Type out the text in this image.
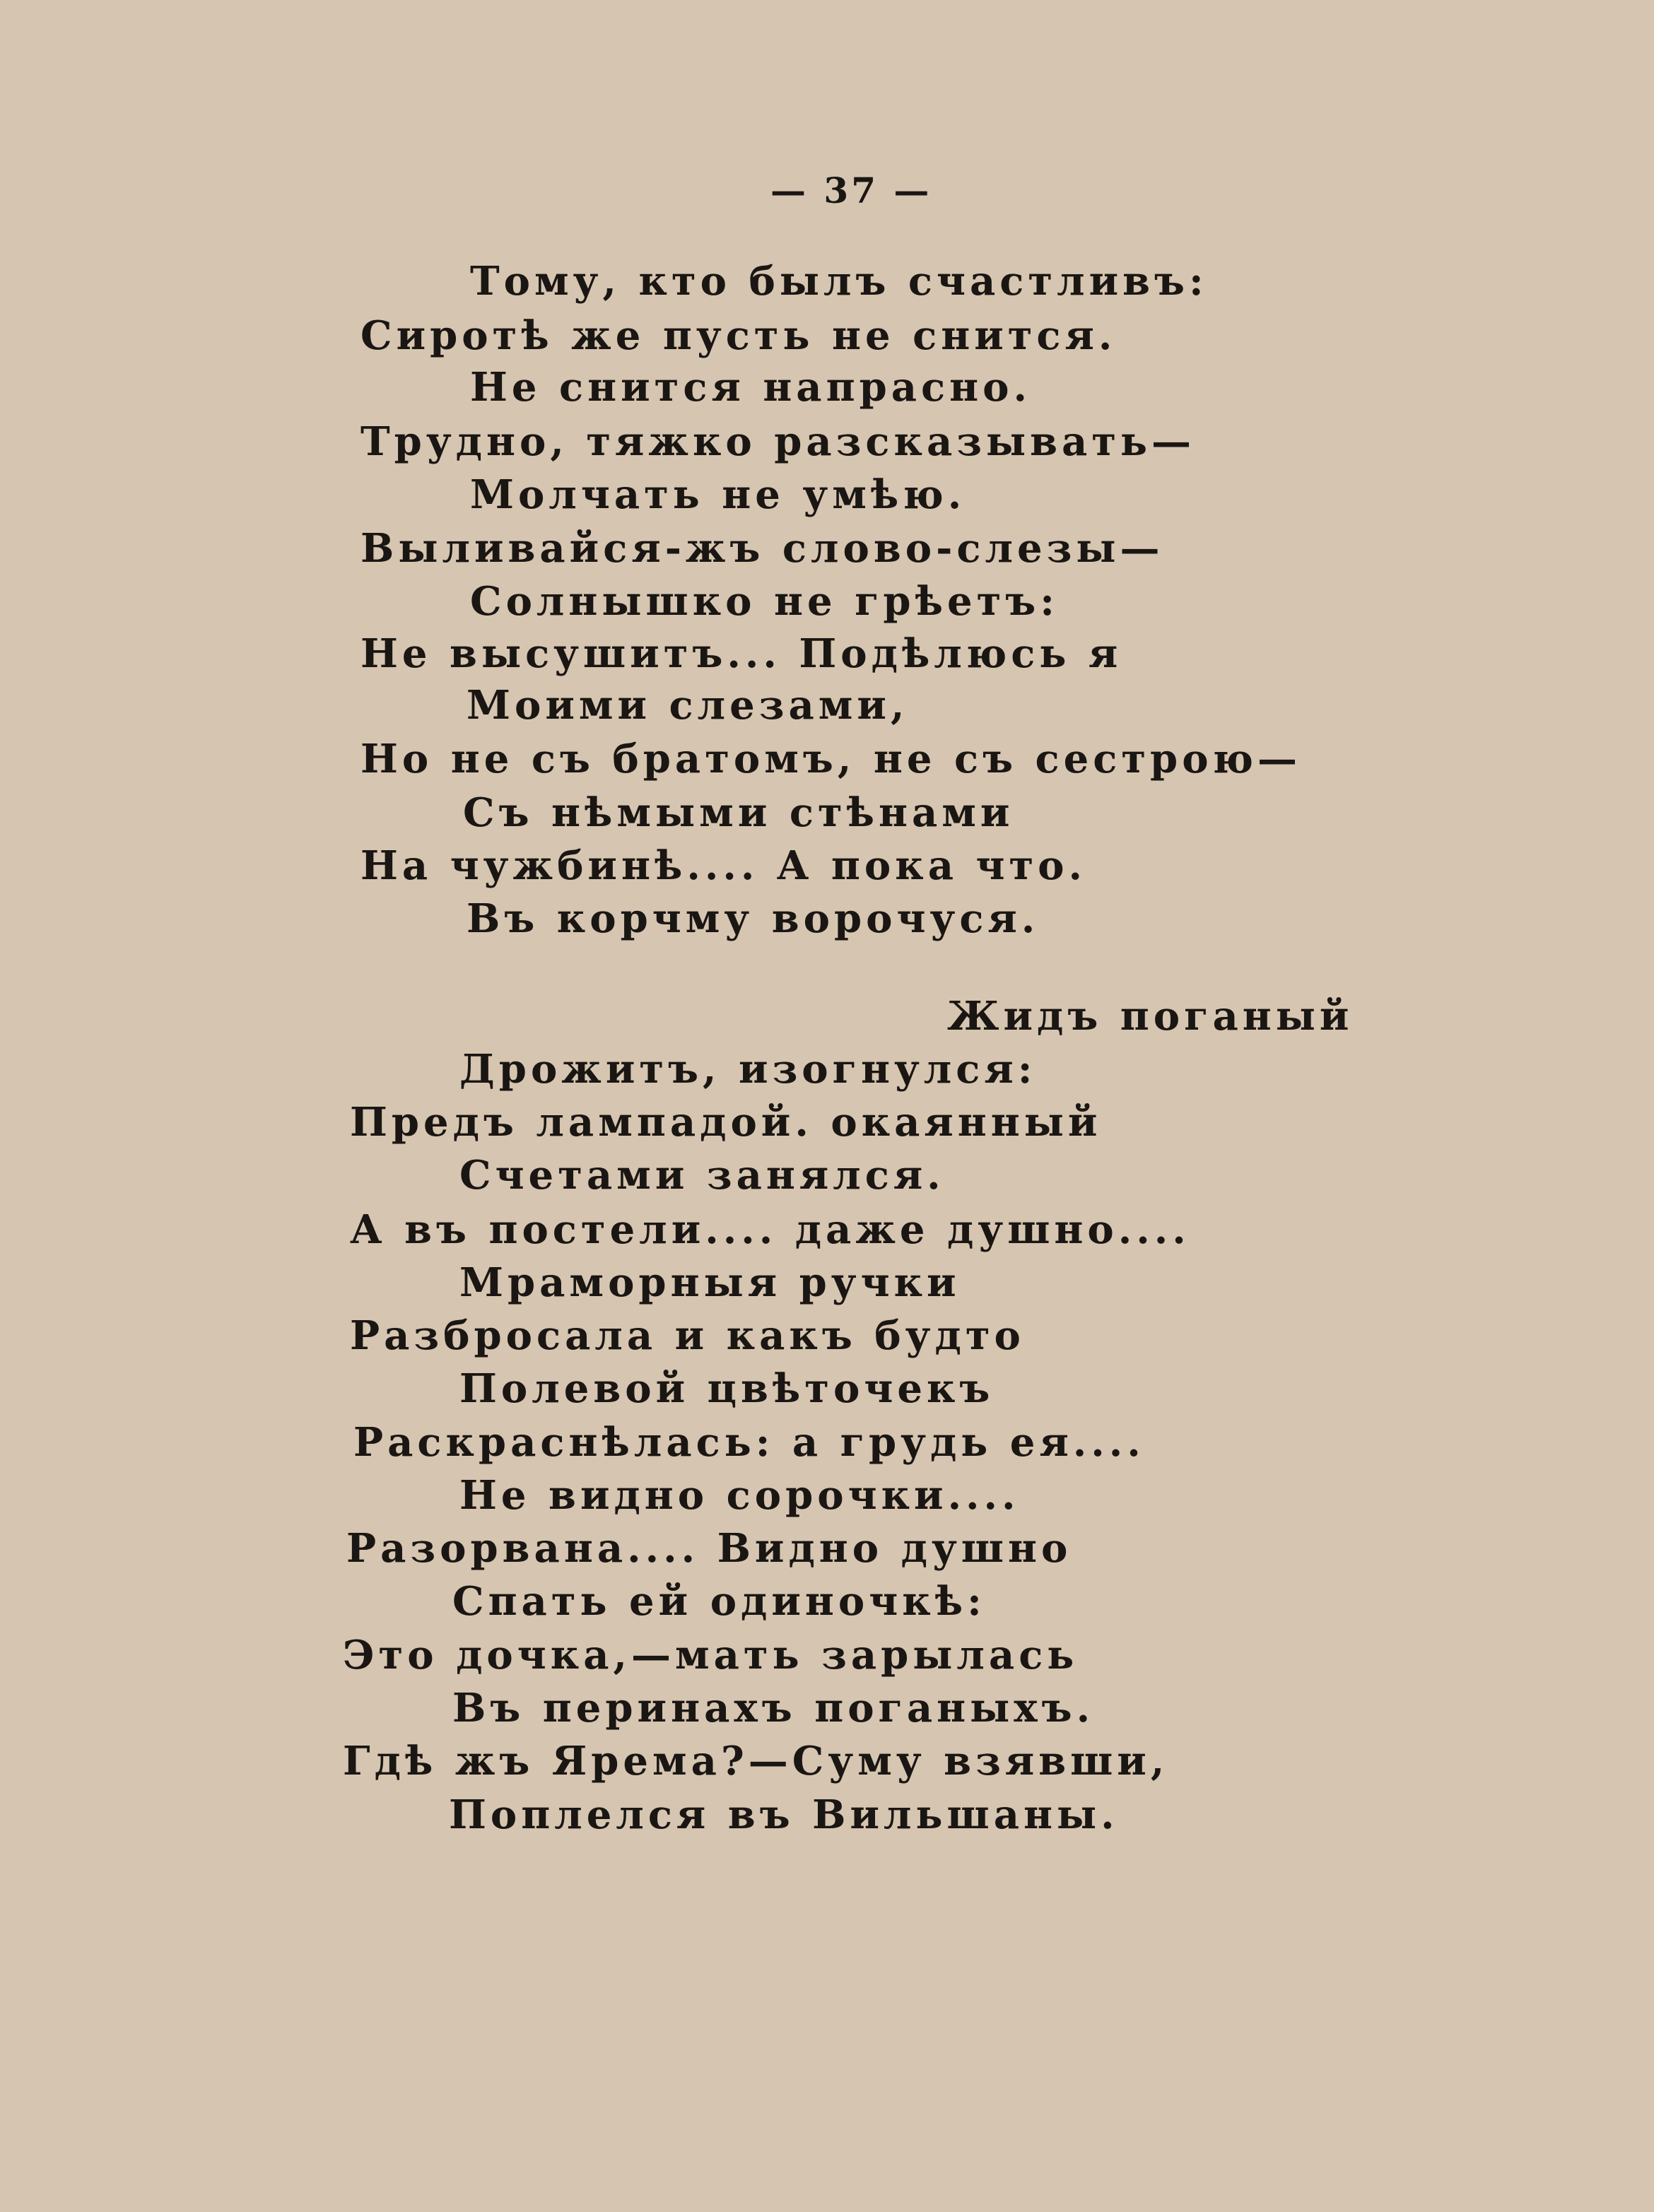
— 37 —
Тому, кто былъ счастливъ:
Сиротѣ же пусть не снится.
Не снится напрасно.
Трудно, тяжко разсказывать—
Молчать не умѣю.
Выливайся-жъ слово-слезы—
Солнышко не грѣетъ:
Не высушитъ... Подѣлюсь я
Моими слезами,
Но не съ братомъ, не съ сестрою—
Съ нѣмыми стѣнами
На чужбинѣ.... А пока что.
Въ корчму ворочуся.
Жидъ поганый
Дрожитъ, изогнулся:
Предъ лампадой. окаянный
Счетами занялся.
А въ постели.... даже душно....
Мраморныя ручки
Разбросала и какъ будто
Полевой цвѣточекъ
Раскраснѣлась: а грудь ея....
Не видно сорочки....
Разорвана.... Видно душно
Спать ей одиночкѣ:
Это дочка,—мать зарылась
Въ перинахъ поганыхъ.
Гдѣ жъ Ярема?—Суму взявши,
Поплелся въ Вильшаны.
